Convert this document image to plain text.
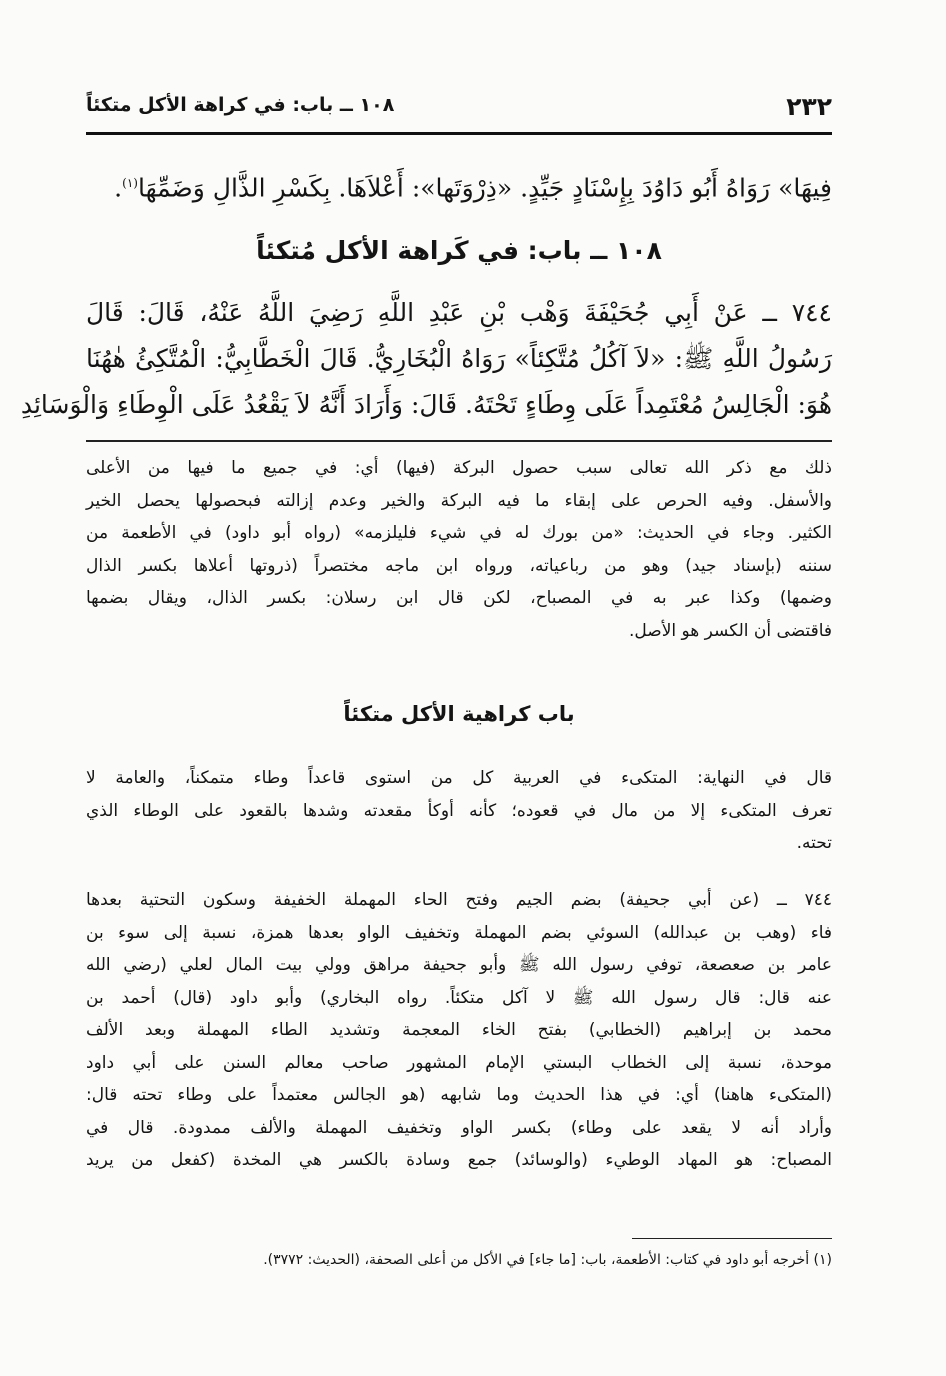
٢٣٢
١٠٨ ــ باب: في كراهة الأكل متكئاً
فِيهَا» رَوَاهُ أَبُو دَاوُدَ بِإِسْنَادٍ جَيِّدٍ. «ذِرْوَتَها»: أَعْلاَهَا. بِكَسْرِ الذَّالِ وَضَمِّهَا$^{(١)}$.
١٠٨ ــ باب: في كَراهة الأكل مُتكئاً
٧٤٤ ــ عَنْ أَبِي جُحَيْفَةَ وَهْب بْنِ عَبْدِ اللَّهِ رَضِيَ اللَّهُ عَنْهُ، قَالَ: قَالَ
رَسُولُ اللَّهِ ﷺ: «لاَ آكُلُ مُتَّكِئاً» رَوَاهُ الْبُخَارِيُّ. قَالَ الْخَطَّابِيُّ: الْمُتَّكِئُ هٰهُنَا
هُوَ: الْجَالِسُ مُعْتَمِداً عَلَى وِطَاءٍ تَحْتَهُ. قَالَ: وَأَرَادَ أَنَّهُ لاَ يَقْعُدُ عَلَى الْوِطَاءِ وَالْوَسَائِدِ
ذلك مع ذكر الله تعالى سبب حصول البركة (فيها) أي: في جميع ما فيها من الأعلى
والأسفل. وفيه الحرص على إبقاء ما فيه البركة والخير وعدم إزالته فبحصولها يحصل الخير
الكثير. وجاء في الحديث: «من بورك له في شيء فليلزمه» (رواه أبو داود) في الأطعمة من
سننه (بإسناد جيد) وهو من رباعياته، ورواه ابن ماجه مختصراً (ذروتها أعلاها بكسر الذال
وضمها) وكذا عبر به في المصباح، لكن قال ابن رسلان: بكسر الذال، ويقال بضمها
فاقتضى أن الكسر هو الأصل.
باب كراهية الأكل متكئاً
قال في النهاية: المتكىء في العربية كل من استوى قاعداً وطاء متمكناً، والعامة لا
تعرف المتكىء إلا من مال في قعوده؛ كأنه أوكأ مقعدته وشدها بالقعود على الوطاء الذي
تحته.
٧٤٤ ــ (عن أبي جحيفة) بضم الجيم وفتح الحاء المهملة الخفيفة وسكون التحتية بعدها
فاء (وهب بن عبدالله) السوئي بضم المهملة وتخفيف الواو بعدها همزة، نسبة إلى سوء بن
عامر بن صعصعة، توفي رسول الله ﷺ وأبو جحيفة مراهق وولي بيت المال لعلي (رضي الله
عنه قال: قال رسول الله ﷺ لا آكل متكئاً. رواه البخاري) وأبو داود (قال) أحمد بن
محمد بن إبراهيم (الخطابي) بفتح الخاء المعجمة وتشديد الطاء المهملة وبعد الألف
موحدة، نسبة إلى الخطاب البستي الإمام المشهور صاحب معالم السنن على أبي داود
(المتكىء هاهنا) أي: في هذا الحديث وما شابهه (هو الجالس معتمداً على وطاء تحته قال:
وأراد أنه لا يقعد على وطاء) بكسر الواو وتخفيف المهملة والألف ممدودة. قال في
المصباح: هو المهاد الوطيء (والوسائد) جمع وسادة بالكسر هي المخدة (كفعل من يريد
(١) أخرجه أبو داود في كتاب: الأطعمة، باب: [ما جاء] في الأكل من أعلى الصحفة، (الحديث: ٣٧٧٢).
